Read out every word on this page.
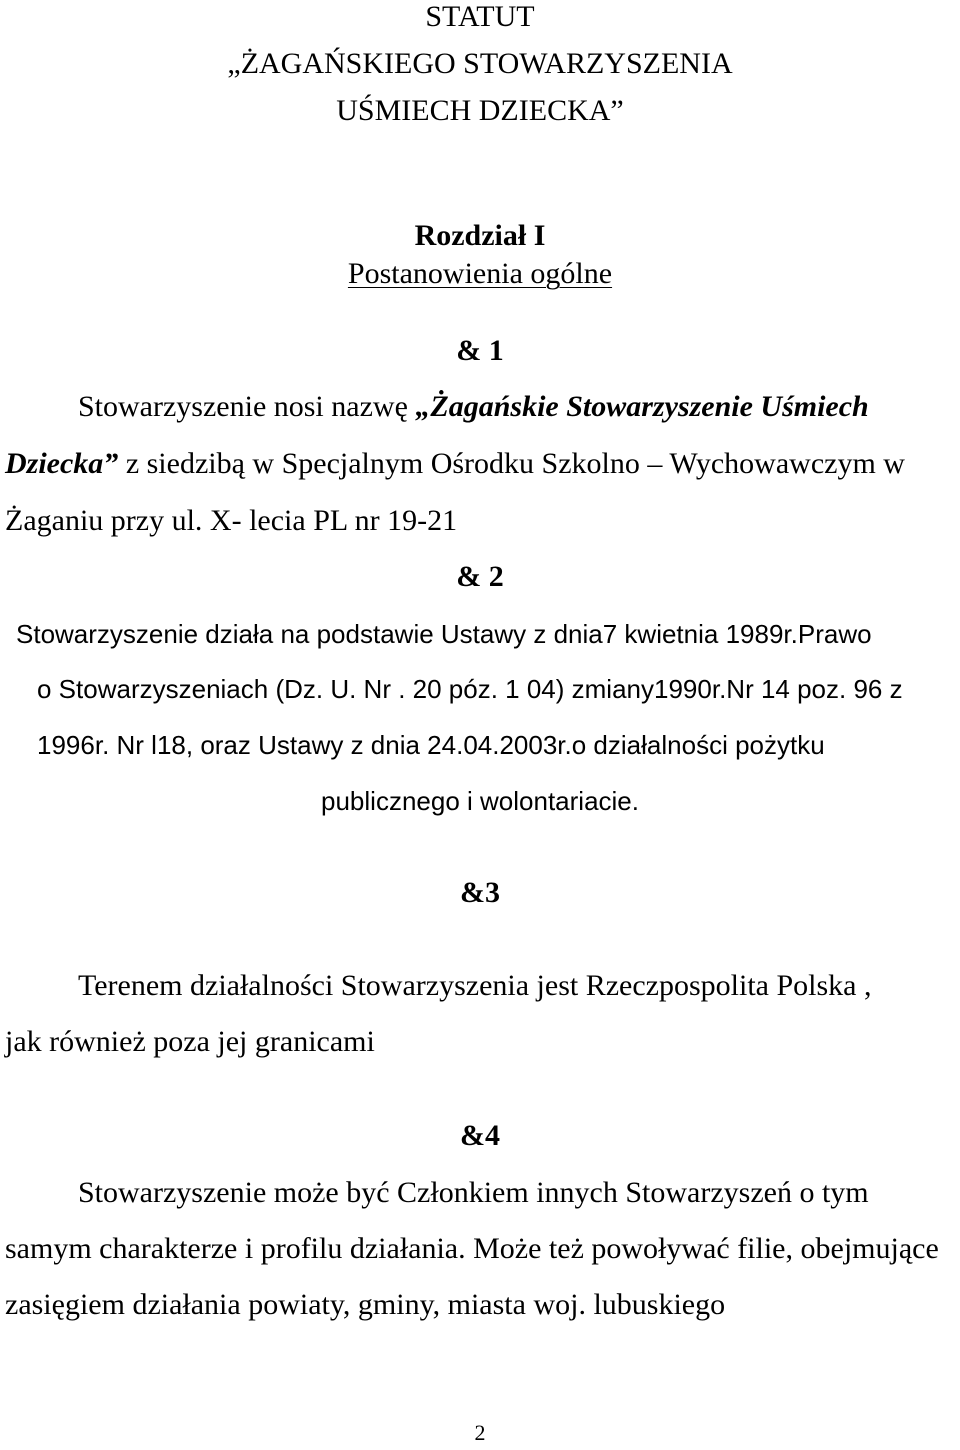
STATUT

„ŻAGAŃSKIEGO STOWARZYSZENIA

UŚMIECH DZIECKA”

Rozdział I

Postanowienia ogólne

& 1

Stowarzyszenie nosi nazwę „Żagańskie Stowarzyszenie Uśmiech

Dziecka” z siedzibą w Specjalnym Ośrodku Szkolno – Wychowawczym w

Żaganiu przy ul. X- lecia PL nr 19-21

& 2

Stowarzyszenie działa na podstawie Ustawy z dnia7 kwietnia 1989r.Prawo

o Stowarzyszeniach (Dz. U. Nr . 20 póz. 1 04) zmiany1990r.Nr 14 poz. 96 z

1996r. Nr l18, oraz Ustawy z dnia 24.04.2003r.o działalności pożytku

publicznego i wolontariacie.

&3

Terenem działalności Stowarzyszenia jest Rzeczpospolita Polska ,

jak również poza jej granicami

&4

Stowarzyszenie może być Członkiem innych Stowarzyszeń o tym

samym charakterze i profilu działania. Może też powoływać filie, obejmujące

zasięgiem działania powiaty, gminy, miasta woj. lubuskiego

2
